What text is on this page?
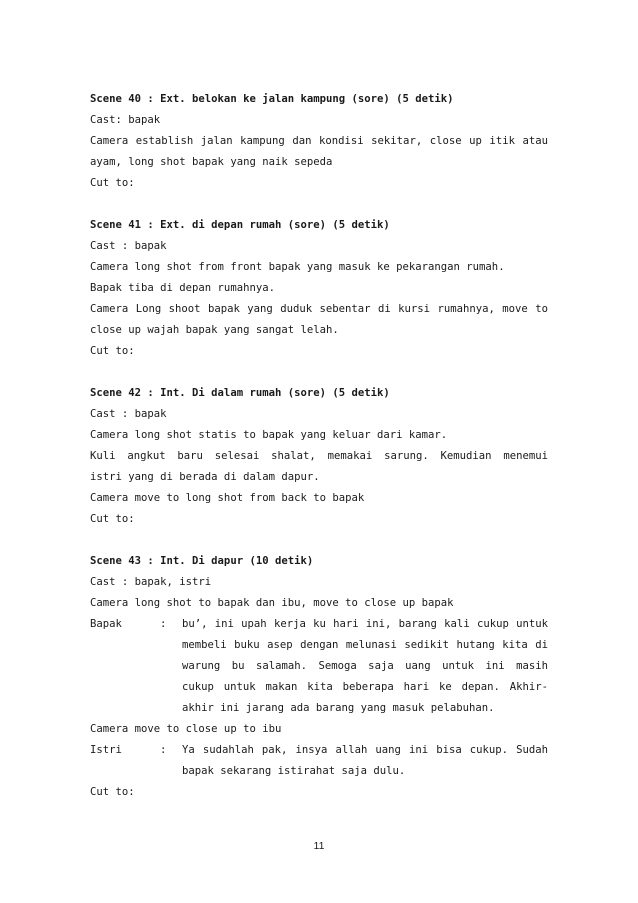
Scene 40 : Ext. belokan ke jalan kampung (sore) (5 detik)
Cast: bapak
Camera establish jalan kampung dan kondisi sekitar, close up itik atau
ayam, long shot bapak yang naik sepeda
Cut to:
Scene 41 : Ext. di depan rumah (sore) (5 detik)
Cast : bapak
Camera long shot from front bapak yang masuk ke pekarangan rumah.
Bapak tiba di depan rumahnya.
Camera Long shoot bapak yang duduk sebentar di kursi rumahnya, move to
close up wajah bapak yang sangat lelah.
Cut to:
Scene 42 : Int. Di dalam rumah (sore) (5 detik)
Cast : bapak
Camera long shot statis to bapak yang keluar dari kamar.
Kuli angkut baru selesai shalat, memakai sarung. Kemudian menemui
istri yang di berada di dalam dapur.
Camera move to long shot from back to bapak
Cut to:
Scene 43 : Int. Di dapur (10 detik)
Cast : bapak, istri
Camera long shot to bapak dan ibu, move to close up bapak
Bapak	:	bu’, ini upah kerja ku hari ini, barang kali cukup untuk
membeli buku asep dengan melunasi sedikit hutang kita di
warung bu salamah. Semoga saja uang untuk ini masih
cukup untuk makan kita beberapa hari ke depan. Akhir-
akhir ini jarang ada barang yang masuk pelabuhan.
Camera move to close up to ibu
Istri	:	Ya sudahlah pak, insya allah uang ini bisa cukup. Sudah
bapak sekarang istirahat saja dulu.
Cut to:
11
